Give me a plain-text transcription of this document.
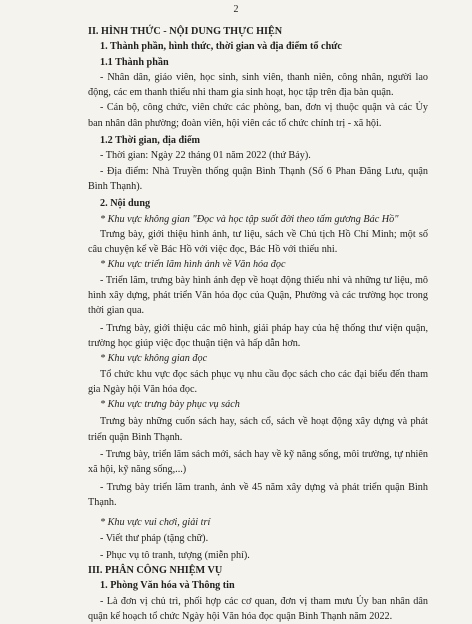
2

II. HÌNH THỨC - NỘI DUNG THỰC HIỆN

1. Thành phần, hình thức, thời gian và địa điểm tổ chức

1.1 Thành phần

- Nhân dân, giáo viên, học sinh, sinh viên, thanh niên, công nhân, người lao động, các em thanh thiếu nhi tham gia sinh hoạt, học tập trên địa bàn quận.

- Cán bộ, công chức, viên chức các phòng, ban, đơn vị thuộc quận và các Ủy ban nhân dân phường; đoàn viên, hội viên các tổ chức chính trị - xã hội.

1.2 Thời gian, địa điểm

- Thời gian: Ngày 22 tháng 01 năm 2022 (thứ Bảy).

- Địa điểm: Nhà Truyền thống quận Bình Thạnh (Số 6 Phan Đăng Lưu, quận Bình Thạnh).

2. Nội dung

* Khu vực không gian "Đọc và học tập suốt đời theo tấm gương Bác Hồ"

Trưng bày, giới thiệu hình ảnh, tư liệu, sách về Chủ tịch Hồ Chí Minh; một số câu chuyện kể về Bác Hồ với việc đọc, Bác Hồ với thiếu nhi.

* Khu vực triển lãm hình ảnh về Văn hóa đọc

- Triển lãm, trưng bày hình ảnh đẹp về hoạt động thiếu nhi và những tư liệu, mô hình xây dựng, phát triển Văn hóa đọc của Quận, Phường và các trường học trong thời gian qua.

- Trưng bày, giới thiệu các mô hình, giải pháp hay của hệ thống thư viện quận, trường học giúp việc đọc thuận tiện và hấp dẫn hơn.

* Khu vực không gian đọc

Tổ chức khu vực đọc sách phục vụ nhu cầu đọc sách cho các đại biểu đến tham gia Ngày hội Văn hóa đọc.

* Khu vực trưng bày phục vụ sách

Trưng bày những cuốn sách hay, sách cổ, sách về hoạt động xây dựng và phát triển quận Bình Thạnh.

- Trưng bày, triển lãm sách mới, sách hay về kỹ năng sống, môi trường, tự nhiên xã hội, kỹ năng sống,...)

- Trưng bày triển lãm tranh, ảnh về 45 năm xây dựng và phát triển quận Bình Thạnh.

* Khu vực vui chơi, giải trí

- Viết thư pháp (tặng chữ).

- Phục vụ tô tranh, tượng (miễn phí).

III. PHÂN CÔNG NHIỆM VỤ

1. Phòng Văn hóa và Thông tin

- Là đơn vị chủ trì, phối hợp các cơ quan, đơn vị tham mưu Ủy ban nhân dân quận kế hoạch tổ chức Ngày hội Văn hóa đọc quận Bình Thạnh năm 2022.
